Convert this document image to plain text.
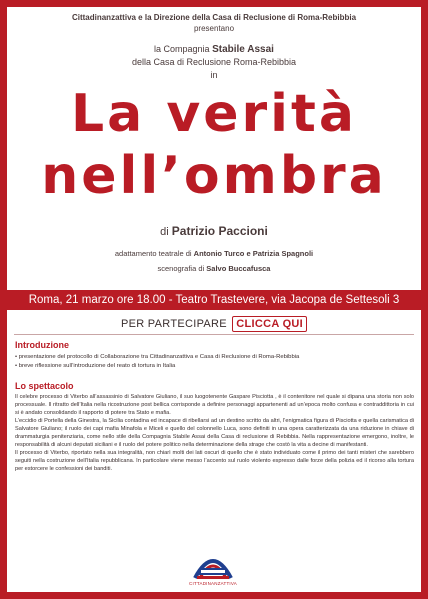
Cittadinanzattiva e la Direzione della Casa di Reclusione di Roma-Rebibbia
presentano
la Compagnia Stabile Assai
della Casa di Reclusione Roma-Rebibbia
in
La verità
nell’ombra
di Patrizio Paccioni
adattamento teatrale di Antonio Turco e Patrizia Spagnoli
scenografia di Salvo Buccafusca
Roma, 21 marzo ore 18.00 - Teatro Trastevere, via Jacopa de Settesoli 3
PER PARTECIPARE CLICCA QUI
Introduzione
• presentazione del protocollo di Collaborazione tra Cittadinanzattiva e Casa di Reclusione di Roma-Rebibbia
• breve riflessione sull’introduzione del reato di tortura in Italia
Lo spettacolo

Il celebre processo di Viterbo all’assassinio di Salvatore Giuliano, il suo luogotenente Gaspare Pisciotta , è il contenitore nel quale si dipana una storia non solo processuale. Il ritratto dell’Italia nella ricostruzione post bellica corrisponde a definire personaggi appartenenti ad un’epoca molto confusa e contraddittoria in cui si è andato consolidando il rapporto di potere tra Stato e mafia.

L’eccidio di Portella della Ginestra, la Sicilia contadina ed incapace di ribellarsi ad un destino scritto da altri, l’enigmatica figura di Pisciotta e quella carismatica di Salvatore Giuliano; il ruolo dei capi mafia Minafola e Miceli e quello del colonnello Luca, sono definiti in una opera caratterizzata da una riduzione in chiave di drammaturgia penitenziaria, come nello stile della Compagnia Stabile Assai della Casa di reclusione di Rebibbia. Nella rappresentazione emergono, inoltre, le responsabilità di alcuni deputati siciliani e il ruolo del potere politico nella determinazione della strage che costò la vita a decine di manifestanti.

Il processo di Viterbo, riportato nella sua integralità, non chiarì molti dei lati oscuri di quello che è stato individuato come il primo dei tanti misteri che sarebbero seguiti nella costruzione dell’Italia repubblicana. In particolare viene messo l’accento sul ruolo violento espresso dalle forze della polizia ed il ricorso alla tortura per estorcere le confessioni dei banditi.

CITTADINANZATTIVA
